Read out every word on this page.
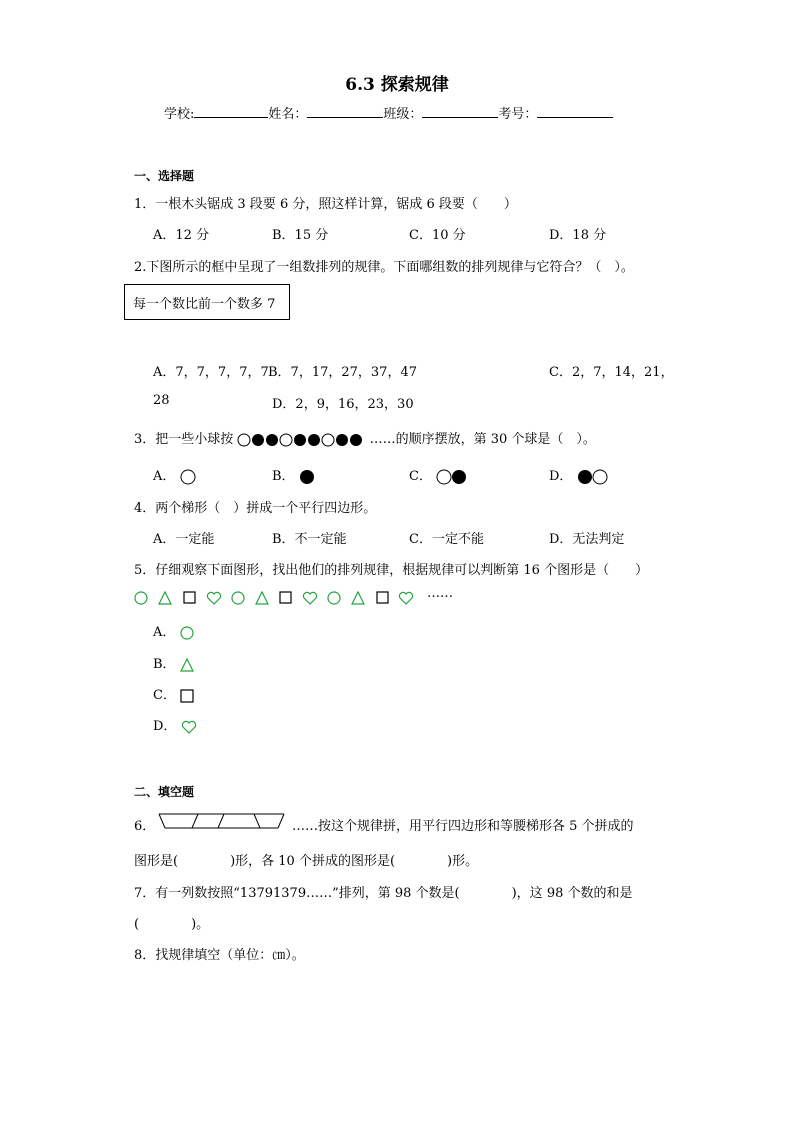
6.3 探索规律
学校:	姓名：	班级：	考号：
一、选择题
1．一根木头锯成 3 段要 6 分，照这样计算，锯成 6 段要（　　）
A．12 分	B．15 分	C．10 分	D．18 分
2.下图所示的框中呈现了一组数排列的规律。下面哪组数的排列规律与它符合？（　）。
每一个数比前一个数多 7
A．7，7，7，7，7 B．7，17，27，37，47	C．2，7，14，21，
28	D．2，9，16，23，30
3．把一些小球按	……的顺序摆放，第 30 个球是（　）。
A．	B．	C．	D．
4．两个梯形（　）拼成一个平行四边形。
A．一定能	B．不一定能	C．一定不能	D．无法判定
5．仔细观察下面图形，找出他们的排列规律，根据规律可以判断第 16 个图形是（　　）
……
A．
B．
C．
D．
二、填空题
6．	……按这个规律拼，用平行四边形和等腰梯形各 5 个拼成的
图形是(　　　　)形，各 10 个拼成的图形是(　　　　)形。
7．有一列数按照“13791379……”排列，第 98 个数是(　　　　)，这 98 个数的和是
(　　　　)。
8．找规律填空（单位：㎝）。
